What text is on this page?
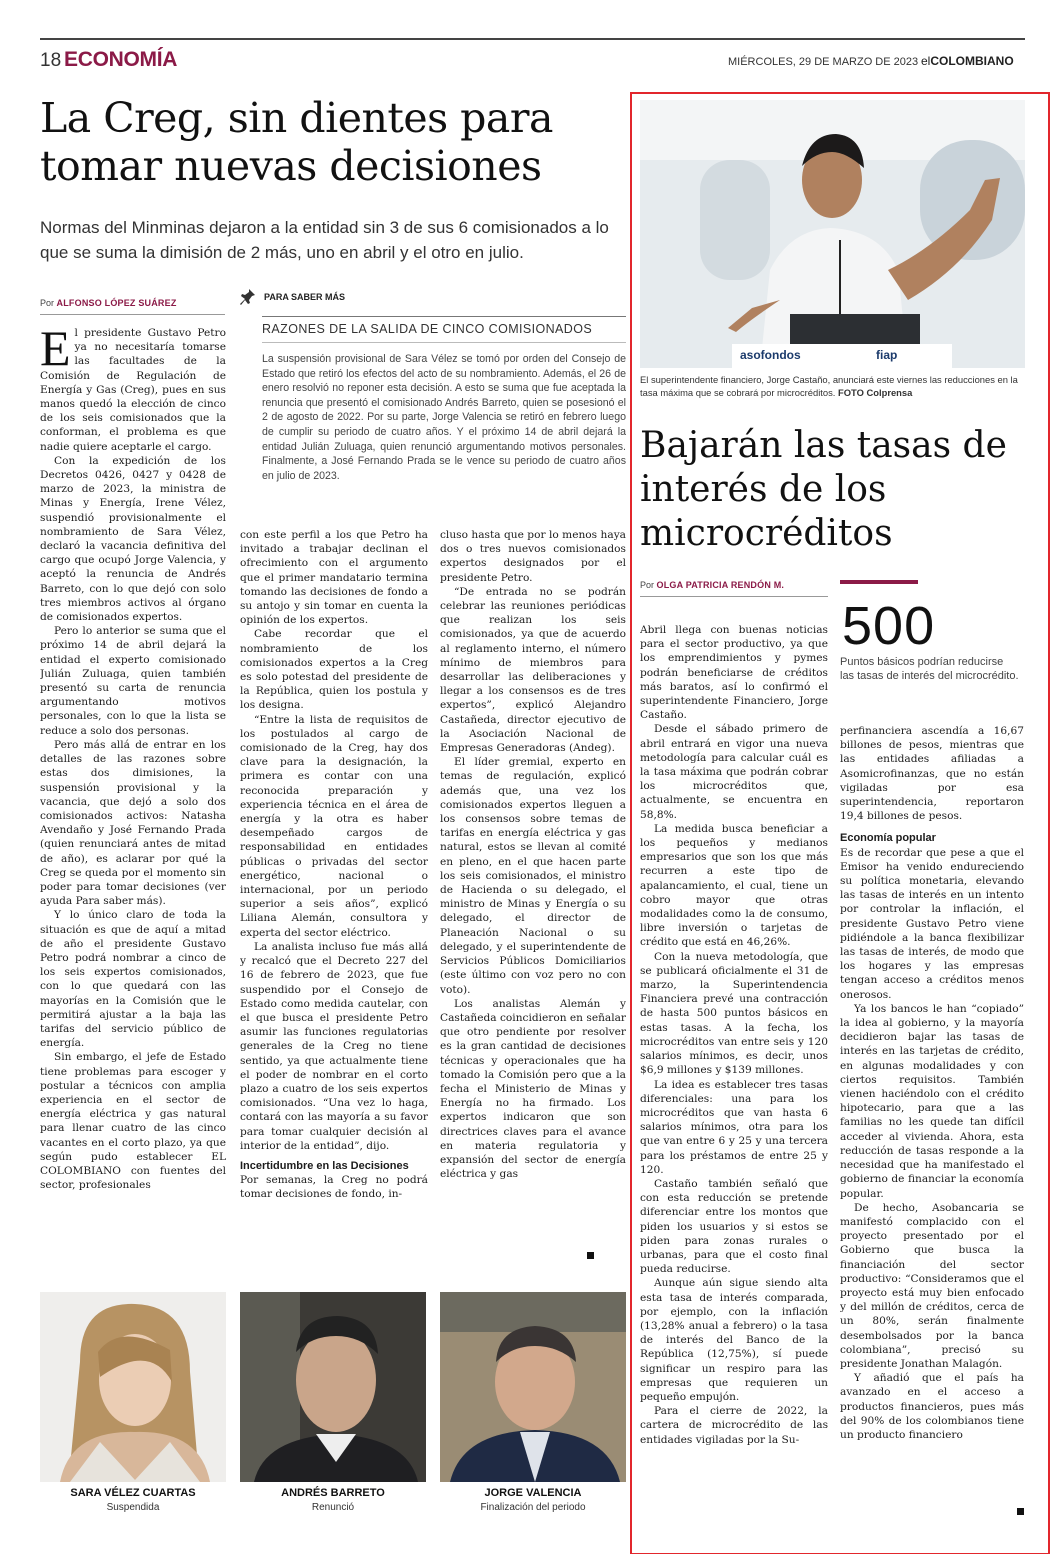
18 ECONOMÍA	MIÉRCOLES, 29 DE MARZO DE 2023 elCOLOMBIANO
La Creg, sin dientes para tomar nuevas decisiones
Normas del Minminas dejaron a la entidad sin 3 de sus 6 comisionados a lo que se suma la dimisión de 2 más, uno en abril y el otro en julio.
Por ALFONSO LÓPEZ SUÁREZ
E l presidente Gustavo Petro ya no necesitaría tomarse las facultades de la Comisión de Regulación de Energía y Gas (Creg), pues en sus manos quedó la elección de cinco de los seis comisionados que la conforman, el problema es que nadie quiere aceptarle el cargo.

Con la expedición de los Decretos 0426, 0427 y 0428 de marzo de 2023, la ministra de Minas y Energía, Irene Vélez, suspendió provisionalmente el nombramiento de Sara Vélez, declaró la vacancia definitiva del cargo que ocupó Jorge Valencia, y aceptó la renuncia de Andrés Barreto, con lo que dejó con solo tres miembros activos al órgano de comisionados expertos.

Pero lo anterior se suma que el próximo 14 de abril dejará la entidad el experto comisionado Julián Zuluaga, quien también presentó su carta de renuncia argumentando motivos personales, con lo que la lista se reduce a solo dos personas.

Pero más allá de entrar en los detalles de las razones sobre estas dos dimisiones, la suspensión provisional y la vacancia, que dejó a solo dos comisionados activos: Natasha Avendaño y José Fernando Prada (quien renunciará antes de mitad de año), es aclarar por qué la Creg se queda por el momento sin poder para tomar decisiones (ver ayuda Para saber más).

Y lo único claro de toda la situación es que de aquí a mitad de año el presidente Gustavo Petro podrá nombrar a cinco de los seis expertos comisionados, con lo que quedará con las mayorías en la Comisión que le permitirá ajustar a la baja las tarifas del servicio público de energía.

Sin embargo, el jefe de Estado tiene problemas para escoger y postular a técnicos con amplia experiencia en el sector de energía eléctrica y gas natural para llenar cuatro de las cinco vacantes en el corto plazo, ya que según pudo establecer EL COLOMBIANO con fuentes del sector, profesionales

PARA SABER MÁS
RAZONES DE LA SALIDA DE CINCO COMISIONADOS
La suspensión provisional de Sara Vélez se tomó por orden del Consejo de Estado que retiró los efectos del acto de su nombramiento. Además, el 26 de enero resolvió no reponer esta decisión. A esto se suma que fue aceptada la renuncia que presentó el comisionado Andrés Barreto, quien se posesionó el 2 de agosto de 2022. Por su parte, Jorge Valencia se retiró en febrero luego de cumplir su periodo de cuatro años. Y el próximo 14 de abril dejará la entidad Julián Zuluaga, quien renunció argumentando motivos personales. Finalmente, a José Fernando Prada se le vence su periodo de cuatro años en julio de 2023.

con este perfil a los que Petro ha invitado a trabajar declinan el ofrecimiento con el argumento que el primer mandatario termina tomando las decisiones de fondo a su antojo y sin tomar en cuenta la opinión de los expertos.

Cabe recordar que el nombramiento de los comisionados expertos a la Creg es solo potestad del presidente de la República, quien los postula y los designa.

“Entre la lista de requisitos de los postulados al cargo de comisionado de la Creg, hay dos clave para la designación, la primera es contar con una reconocida preparación y experiencia técnica en el área de energía y la otra es haber desempeñado cargos de responsabilidad en entidades públicas o privadas del sector energético, nacional o internacional, por un periodo superior a seis años”, explicó Liliana Alemán, consultora y experta del sector eléctrico.

La analista incluso fue más allá y recalcó que el Decreto 227 del 16 de febrero de 2023, que fue suspendido por el Consejo de Estado como medida cautelar, con el que busca el presidente Petro asumir las funciones regulatorias generales de la Creg no tiene sentido, ya que actualmente tiene el poder de nombrar en el corto plazo a cuatro de los seis expertos comisionados. “Una vez lo haga, contará con las mayoría a su favor para tomar cualquier decisión al interior de la entidad”, dijo.

Incertidumbre en las Decisiones

Por semanas, la Creg no podrá tomar decisiones de fondo, in-

cluso hasta que por lo menos haya dos o tres nuevos comisionados expertos designados por el presidente Petro.

“De entrada no se podrán celebrar las reuniones periódicas que realizan los seis comisionados, ya que de acuerdo al reglamento interno, el número mínimo de miembros para desarrollar las deliberaciones y llegar a los consensos es de tres expertos”, explicó Alejandro Castañeda, director ejecutivo de la Asociación Nacional de Empresas Generadoras (Andeg).

El líder gremial, experto en temas de regulación, explicó además que, una vez los comisionados expertos lleguen a los consensos sobre temas de tarifas en energía eléctrica y gas natural, estos se llevan al comité en pleno, en el que hacen parte los seis comisionados, el ministro de Hacienda o su delegado, el ministro de Minas y Energía o su delegado, el director de Planeación Nacional o su delegado, y el superintendente de Servicios Públicos Domiciliarios (este último con voz pero no con voto).

Los analistas Alemán y Castañeda coincidieron en señalar que otro pendiente por resolver es la gran cantidad de decisiones técnicas y operacionales que ha tomado la Comisión pero que a la fecha el Ministerio de Minas y Energía no ha firmado. Los expertos indicaron que son directrices claves para el avance en materia regulatoria y expansión del sector de energía eléctrica y gas

SARA VÉLEZ CUARTAS
Suspendida
ANDRÉS BARRETO
Renunció
JORGE VALENCIA
Finalización del periodo
asofondos	fiap
El superintendente financiero, Jorge Castaño, anunciará este viernes las reducciones en la tasa máxima que se cobrará por microcréditos. FOTO Colprensa
Bajarán las tasas de interés de los microcréditos
Por OLGA PATRICIA RENDÓN M.
500
Puntos básicos podrían reducirse las tasas de interés del microcrédito.

Abril llega con buenas noticias para el sector productivo, ya que los emprendimientos y pymes podrán beneficiarse de créditos más baratos, así lo confirmó el superintendente Financiero, Jorge Castaño.

Desde el sábado primero de abril entrará en vigor una nueva metodología para calcular cuál es la tasa máxima que podrán cobrar los microcréditos que, actualmente, se encuentra en 58,8%.

La medida busca beneficiar a los pequeños y medianos empresarios que son los que más recurren a este tipo de apalancamiento, el cual, tiene un cobro mayor que otras modalidades como la de consumo, libre inversión o tarjetas de crédito que está en 46,26%.

Con la nueva metodología, que se publicará oficialmente el 31 de marzo, la Superintendencia Financiera prevé una contracción de hasta 500 puntos básicos en estas tasas. A la fecha, los microcréditos van entre seis y 120 salarios mínimos, es decir, unos $6,9 millones y $139 millones.

La idea es establecer tres tasas diferenciales: una para los microcréditos que van hasta 6 salarios mínimos, otra para los que van entre 6 y 25 y una tercera para los préstamos de entre 25 y 120.

Castaño también señaló que con esta reducción se pretende diferenciar entre los montos que piden los usuarios y si estos se piden para zonas rurales o urbanas, para que el costo final pueda reducirse.

Aunque aún sigue siendo alta esta tasa de interés comparada, por ejemplo, con la inflación (13,28% anual a febrero) o la tasa de interés del Banco de la República (12,75%), sí puede significar un respiro para las empresas que requieren un pequeño empujón.

Para el cierre de 2022, la cartera de microcrédito de las entidades vigiladas por la Su-

perfinanciera ascendía a 16,67 billones de pesos, mientras que las entidades afiliadas a Asomicrofinanzas, que no están vigiladas por esa superintendencia, reportaron 19,4 billones de pesos.

Economía popular

Es de recordar que pese a que el Emisor ha venido endureciendo su política monetaria, elevando las tasas de interés en un intento por controlar la inflación, el presidente Gustavo Petro viene pidiéndole a la banca flexibilizar las tasas de interés, de modo que los hogares y las empresas tengan acceso a créditos menos onerosos.

Ya los bancos le han “copiado” la idea al gobierno, y la mayoría decidieron bajar las tasas de interés en las tarjetas de crédito, en algunas modalidades y con ciertos requisitos. También vienen haciéndolo con el crédito hipotecario, para que a las familias no les quede tan difícil acceder al vivienda. Ahora, esta reducción de tasas responde a la necesidad que ha manifestado el gobierno de financiar la economía popular.

De hecho, Asobancaria se manifestó complacido con el proyecto presentado por el Gobierno que busca la financiación del sector productivo: “Consideramos que el proyecto está muy bien enfocado y del millón de créditos, cerca de un 80%, serán finalmente desembolsados por la banca colombiana”, precisó su presidente Jonathan Malagón.

Y añadió que el país ha avanzado en el acceso a productos financieros, pues más del 90% de los colombianos tiene un producto financiero
